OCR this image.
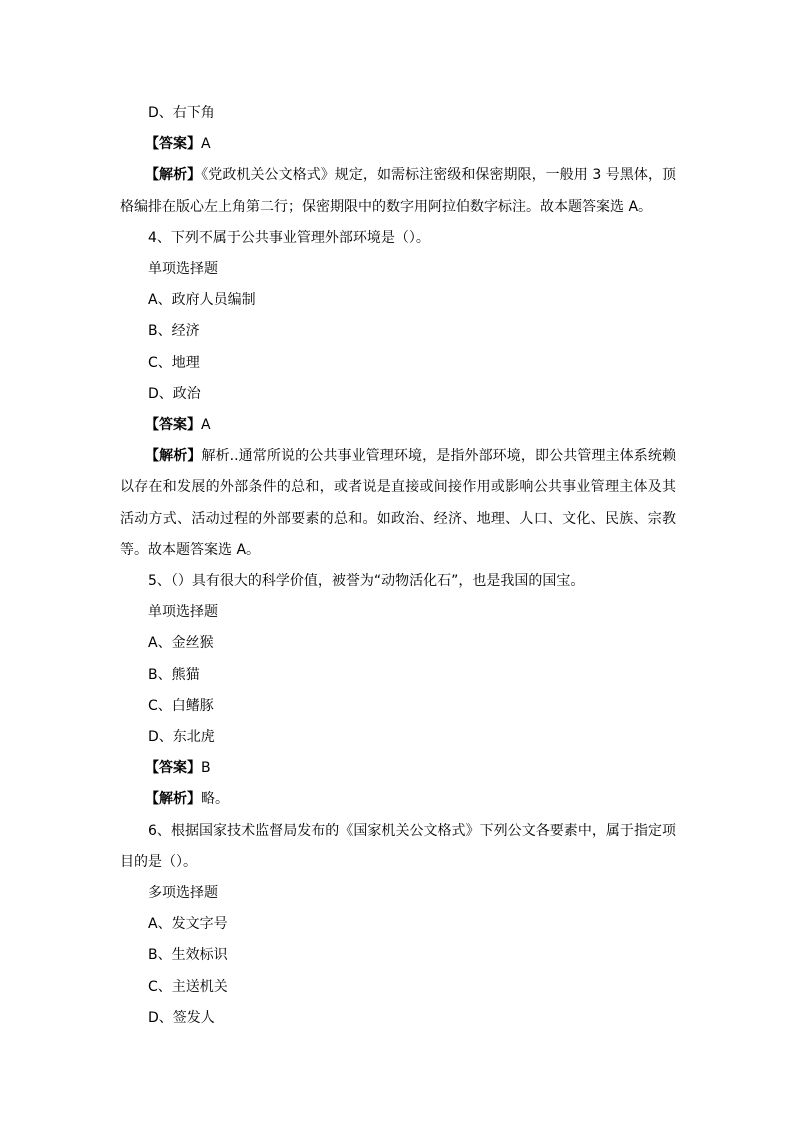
D、右下角

【答案】A

【解析】《党政机关公文格式》规定，如需标注密级和保密期限，一般用 3 号黑体，顶格编排在版心左上角第二行；保密期限中的数字用阿拉伯数字标注。故本题答案选 A。

4、下列不属于公共事业管理外部环境是（）。

单项选择题

A、政府人员编制

B、经济

C、地理

D、政治

【答案】A

【解析】解析..通常所说的公共事业管理环境，是指外部环境，即公共管理主体系统赖以存在和发展的外部条件的总和，或者说是直接或间接作用或影响公共事业管理主体及其活动方式、活动过程的外部要素的总和。如政治、经济、地理、人口、文化、民族、宗教等。故本题答案选 A。

5、（）具有很大的科学价值，被誉为“动物活化石”，也是我国的国宝。

单项选择题

A、金丝猴

B、熊猫

C、白鳍豚

D、东北虎

【答案】B

【解析】略。

6、根据国家技术监督局发布的《国家机关公文格式》下列公文各要素中，属于指定项目的是（）。

多项选择题

A、发文字号

B、生效标识

C、主送机关

D、签发人
